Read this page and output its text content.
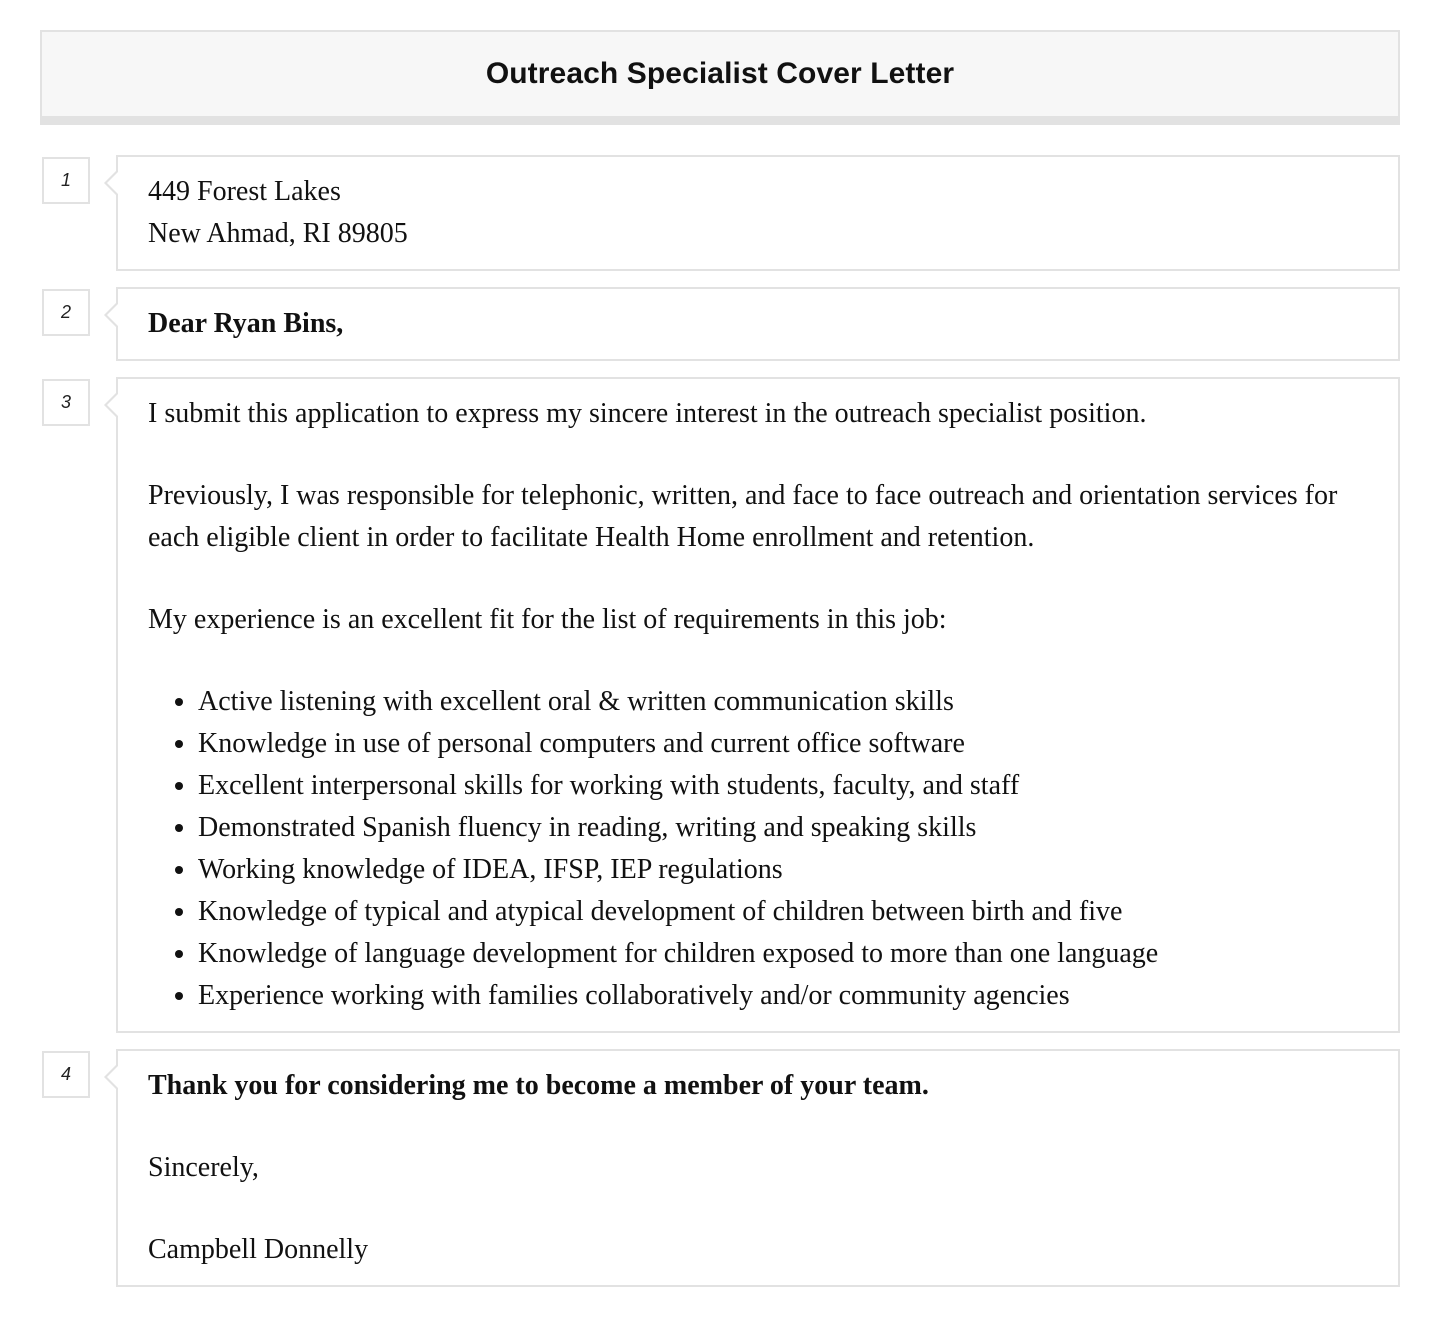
Outreach Specialist Cover Letter
1	449 Forest Lakes

New Ahmad, RI 89805

2	Dear Ryan Bins,

3	I submit this application to express my sincere interest in the outreach specialist position.

Previously, I was responsible for telephonic, written, and face to face outreach and orientation services for each eligible client in order to facilitate Health Home enrollment and retention.

My experience is an excellent fit for the list of requirements in this job:

• Active listening with excellent oral & written communication skills
• Knowledge in use of personal computers and current office software
• Excellent interpersonal skills for working with students, faculty, and staff
• Demonstrated Spanish fluency in reading, writing and speaking skills
• Working knowledge of IDEA, IFSP, IEP regulations
• Knowledge of typical and atypical development of children between birth and five
• Knowledge of language development for children exposed to more than one language
• Experience working with families collaboratively and/or community agencies
4	Thank you for considering me to become a member of your team.

Sincerely,

Campbell Donnelly
